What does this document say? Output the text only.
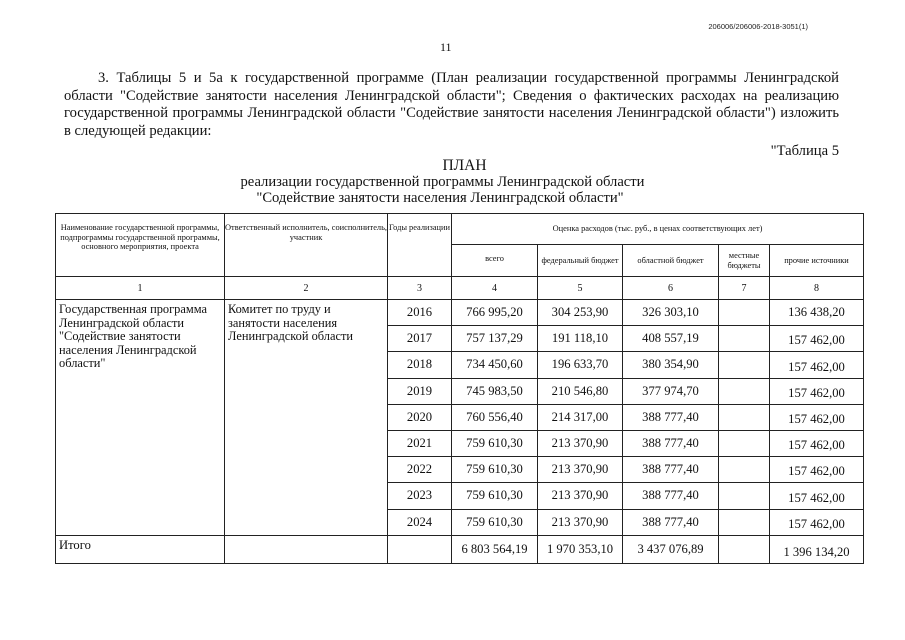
206006/206006-2018-3051(1)
11
3. Таблицы 5 и 5а к государственной программе (План реализации государственной программы Ленинградской области "Содействие занятости населения Ленинградской области"; Сведения о фактических расходах на реализацию государственной программы Ленинградской области "Содействие занятости населения Ленинградской области") изложить в следующей редакции:
"Таблица 5
ПЛАН
реализации государственной программы Ленинградской области
"Содействие занятости населения Ленинградской области"
Наименование государственной программы, подпрограммы государственной программы, основного мероприятия, проекта	Ответственный исполнитель, соисполнитель, участник	Годы реализации	Оценка расходов (тыс. руб., в ценах соответствующих лет)				
			всего	федеральный бюджет	областной бюджет	местные бюджеты	прочие источники
1	2	3	4	5	6	7	8
Государственная программа Ленинградской области "Содействие занятости населения Ленинградской области"	Комитет по труду и занятости населения Ленинградской области	2016	766 995,20	304 253,90	326 303,10		136 438,20
		2017	757 137,29	191 118,10	408 557,19		157 462,00
		2018	734 450,60	196 633,70	380 354,90		157 462,00
		2019	745 983,50	210 546,80	377 974,70		157 462,00
		2020	760 556,40	214 317,00	388 777,40		157 462,00
		2021	759 610,30	213 370,90	388 777,40		157 462,00
		2022	759 610,30	213 370,90	388 777,40		157 462,00
		2023	759 610,30	213 370,90	388 777,40		157 462,00
		2024	759 610,30	213 370,90	388 777,40		157 462,00
Итого			6 803 564,19	1 970 353,10	3 437 076,89		1 396 134,20
